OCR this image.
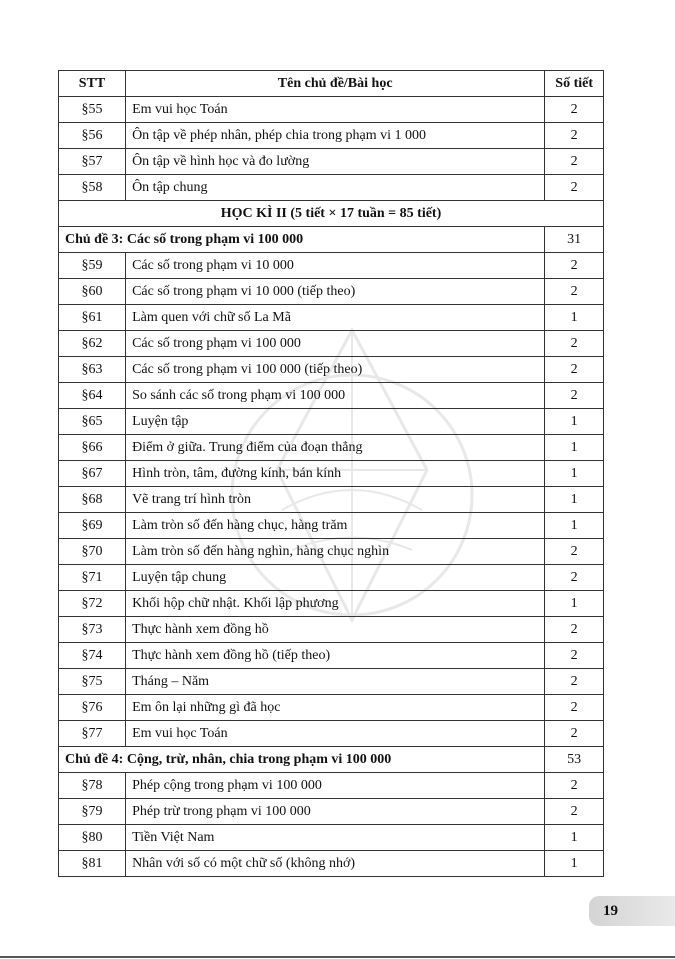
STT	Tên chủ đề/Bài học	Số tiết
§55	Em vui học Toán	2
§56	Ôn tập về phép nhân, phép chia trong phạm vi 1 000	2
§57	Ôn tập về hình học và đo lường	2
§58	Ôn tập chung	2
HỌC KÌ II (5 tiết × 17 tuần = 85 tiết)		
Chủ đề 3: Các số trong phạm vi 100 000		31
§59	Các số trong phạm vi 10 000	2
§60	Các số trong phạm vi 10 000 (tiếp theo)	2
§61	Làm quen với chữ số La Mã	1
§62	Các số trong phạm vi 100 000	2
§63	Các số trong phạm vi 100 000 (tiếp theo)	2
§64	So sánh các số trong phạm vi 100 000	2
§65	Luyện tập	1
§66	Điểm ở giữa. Trung điểm của đoạn thẳng	1
§67	Hình tròn, tâm, đường kính, bán kính	1
§68	Vẽ trang trí hình tròn	1
§69	Làm tròn số đến hàng chục, hàng trăm	1
§70	Làm tròn số đến hàng nghìn, hàng chục nghìn	2
§71	Luyện tập chung	2
§72	Khối hộp chữ nhật. Khối lập phương	1
§73	Thực hành xem đồng hồ	2
§74	Thực hành xem đồng hồ (tiếp theo)	2
§75	Tháng – Năm	2
§76	Em ôn lại những gì đã học	2
§77	Em vui học Toán	2
Chủ đề 4: Cộng, trừ, nhân, chia trong phạm vi 100 000		53
§78	Phép cộng trong phạm vi 100 000	2
§79	Phép trừ trong phạm vi 100 000	2
§80	Tiền Việt Nam	1
§81	Nhân với số có một chữ số (không nhớ)	1
19
